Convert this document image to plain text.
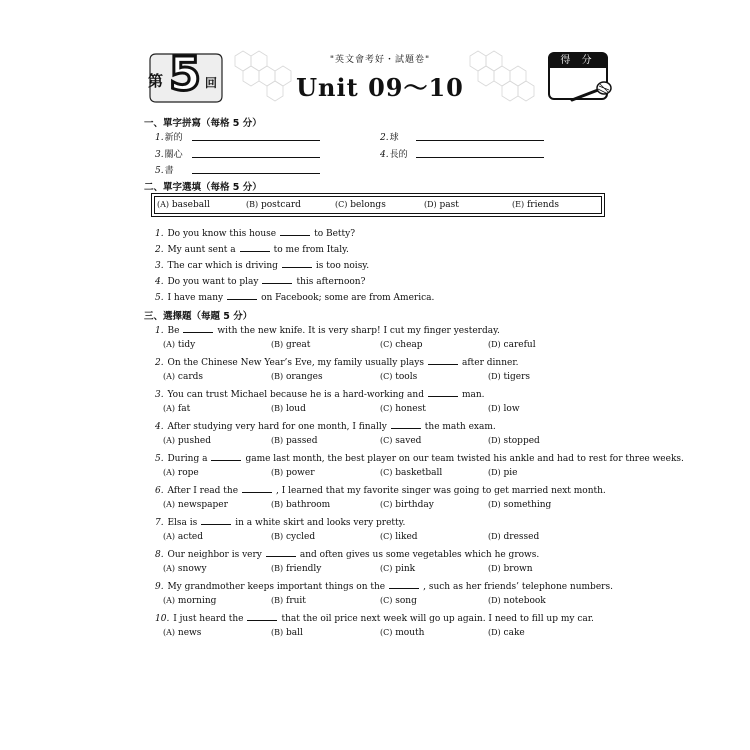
第 5 回
"英文會考好・試題卷"
Unit 09～10
得 分
一、單字拼寫（每格 5 分）
1.新的	2.球
3.關心	4.長的
5.書
二、單字選填（每格 5 分）
(A) baseball	(B) postcard	(C) belongs	(D) past	(E) friends
1. Do you know this house	to Betty?
2. My aunt sent a	to me from Italy.
3. The car which is driving	is too noisy.
4. Do you want to play	this afternoon?
5. I have many	on Facebook; some are from America.
三、選擇題（每題 5 分）
1. Be	with the new knife. It is very sharp! I cut my finger yesterday.
(A) tidy	(B) great	(C) cheap	(D) careful
2. On the Chinese New Year’s Eve, my family usually plays	after dinner.
(A) cards	(B) oranges	(C) tools	(D) tigers
3. You can trust Michael because he is a hard-working and	man.
(A) fat	(B) loud	(C) honest	(D) low
4. After studying very hard for one month, I finally	the math exam.
(A) pushed	(B) passed	(C) saved	(D) stopped
5. During a	game last month, the best player on our team twisted his ankle and had to rest for three weeks.
(A) rope	(B) power	(C) basketball	(D) pie
6. After I read the	, I learned that my favorite singer was going to get married next month.
(A) newspaper	(B) bathroom	(C) birthday	(D) something
7. Elsa is	in a white skirt and looks very pretty.
(A) acted	(B) cycled	(C) liked	(D) dressed
8. Our neighbor is very	and often gives us some vegetables which he grows.
(A) snowy	(B) friendly	(C) pink	(D) brown
9. My grandmother keeps important things on the	, such as her friends’ telephone numbers.
(A) morning	(B) fruit	(C) song	(D) notebook
10. I just heard the	that the oil price next week will go up again. I need to fill up my car.
(A) news	(B) ball	(C) mouth	(D) cake
